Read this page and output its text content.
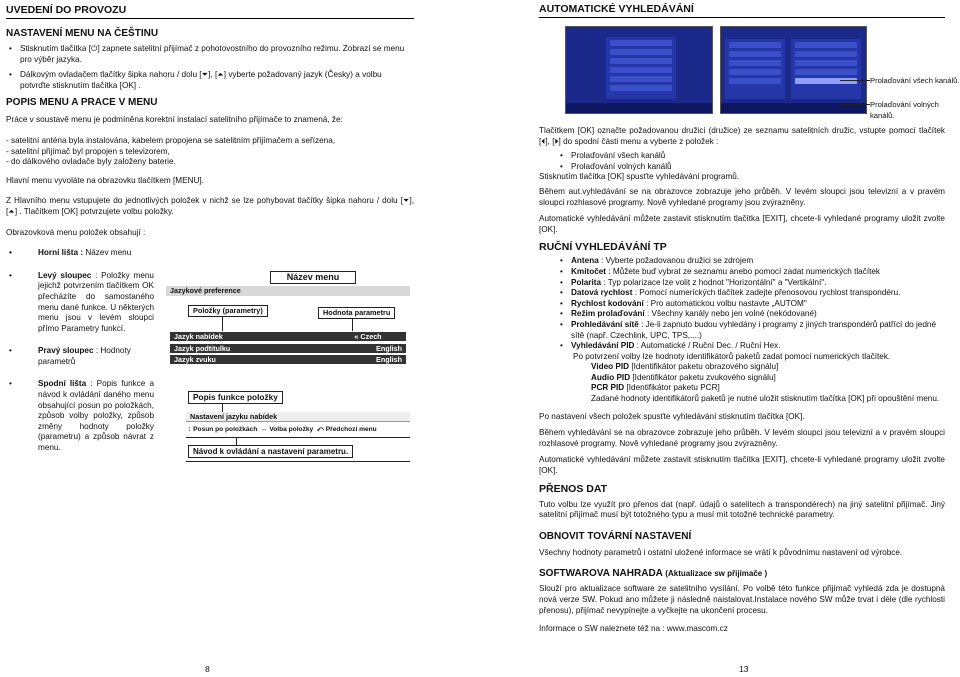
UVEDENÍ DO PROVOZU
NASTAVENÍ MENU NA ČEŠTINU
• Stisknutím tlačítka [⏻] zapnete satelitní přijímač z pohotovostního do provozního režimu. Zobrazí se menu pro výběr jazyka.
• Dálkovým ovladačem tlačítky šipka nahoru / dolu [⏷], [⏶] vyberte požadovaný jazyk (Česky) a volbu potvrďte stisknutím tlačítka [OK] .
POPIS MENU A PRACE V MENU

Práce v soustavě menu je podmíněna korektní instalací satelitního přijímače to znamená, že:

- satelitní anténa byla instalována, kabelem propojena se satelitním přijímačem a seřízena,
- satelitní přijímač byl propojen s televizorem,
- do dálkového ovladače byly založeny baterie.

Hlavní menu vyvoláte na obrazovku tlačítkem [MENU].

Z Hlavního menu vstupujete do jednotlivých položek v nichž se lze pohybovat tlačítky šipka nahoru / dolu [⏷], [⏶] . Tlačítkem [OK] potvrzujete volbu položky.

Obrazovková menu položek obsahují :

• •	Horní lišta : Název menu
• Levý sloupec : Položky menu jejichž potvrzením tlačítkem OK přecházíte do samostaného menu dané funkce. U některých menu jsou v levém sloupci přímo Parametry funkcí.
• Pravý sloupec : Hodnoty parametrů
• Spodní lišta : Popis funkce a návod k ovládání daného menu obsahující posun po položkách, způsob volby položky, způsob změny hodnoty položky (parametru) a způsob návrat z menu.
Název menu
Jazykové preference
Položky (parametry)	Hodnota parametru
Jazyk nabídek
Jazyk podtitulku
Jazyk zvuku
« Czech
English
English
Popis funkce položky
Nastavení jazyku nabídek
↕ Posun po položkách ↔ Volba položky ⤺ Předchozí menu
Návod k ovládání a nastavení parametru.
8
AUTOMATICKÉ VYHLEDÁVÁNÍ
Prolaďování všech kanálů.
Prolaďování volných kanálů.

Tlačítkem [OK] označte požadovanou družici (družice) ze seznamu satelitních družic, vstupte pomocí tlačítek [⏴], [⏵] do spodní části menu a vyberte z položek :

• Prolaďování všech kanálů
• Prolaďování volných kanálů

Stisknutím tlačítka [OK] spusťte vyhledávání programů.

Během aut.vyhledávání se na obrazovce zobrazuje jeho průběh. V levém sloupci jsou televizní a v pravém sloupci rozhlasové programy. Nově vyhledané programy jsou zvýrazněny.

Automatické vyhledávání můžete zastavit stisknutím tlačítka [EXIT], chcete-li vyhledané programy uložit zvolte [OK].

RUČNÍ VYHLEDÁVÁNÍ TP
• Antena : Vyberte požadovanou družici se zdrojem
• Kmitočet : Můžete buď vybrat ze seznamu anebo pomocí zadat numerických tlačítek
• Polarita : Typ polarizace lze volit z hodnot "Horizontální" a "Vertikální".
• Datová rychlost : Pomocí numerických tlačítek zadejte přenosovou rychlost transpondéru.
• Rychlost kodování : Pro automatickou volbu nastavte „AUTOM"
• Režim prolaďování : Všechny kanály nebo jen volné (nekódované)
• Prohledávání sítě : Je-li zapnuto budou vyhledány i programy z jiných transpondérů patřící do jedné sítě (např. Czechlink, UPC, TPS,....)
• Vyhledávání PID : Automatické / Ruční Dec. / Ruční Hex.
Po potvrzení volby lze hodnoty identifikátorů paketů zadat pomocí numerických tlačítek.
Video PID [Identifikátor paketu obrazového signálu]
Audio PID [Identifikátor paketu zvukového signálu]
PCR PID [Identifikátor paketu PCR]

Zadané hodnoty identifikátorů paketů je nutné uložit stisknutím tlačítka [OK] při opouštění menu.

Po nastavení všech položek spusťte vyhledávání stisknutím tlačítka [OK].

Během vyhledávání se na obrazovce zobrazuje jeho průběh. V levém sloupci jsou televizní a v pravém sloupci rozhlasové programy. Nově vyhledané programy jsou zvýrazněny.

Automatické vyhledávání můžete zastavit stisknutím tlačítka [EXIT], chcete-li vyhledané programy uložit zvolte [OK].

PŘENOS DAT

Tuto volbu lze využít pro přenos dat (např. údajů o satelitech a transpondérech) na jiný satelitní přijímač. Jiný satelitní přijímač musí být totožného typu a musí mít totožné technické parametry.

OBNOVIT TOVÁRNÍ NASTAVENÍ

Všechny hodnoty parametrů i ostatní uložené informace se vrátí k původnímu nastavení od výrobce.

SOFTWAROVA NAHRADA (Aktualizace sw přijímače )

Slouží pro aktualizace software ze satelitního vysílání. Po volbě této funkce přijímač vyhledá zda je dostupná nová verze SW. Pokud ano můžete ji následně naistalovat.Instalace nového SW může trvat i déle (dle rychlosti přenosu), přijímač nevypínejte a vyčkejte na ukončení procesu.

Informace o SW naleznete též na : www.mascom.cz

13
